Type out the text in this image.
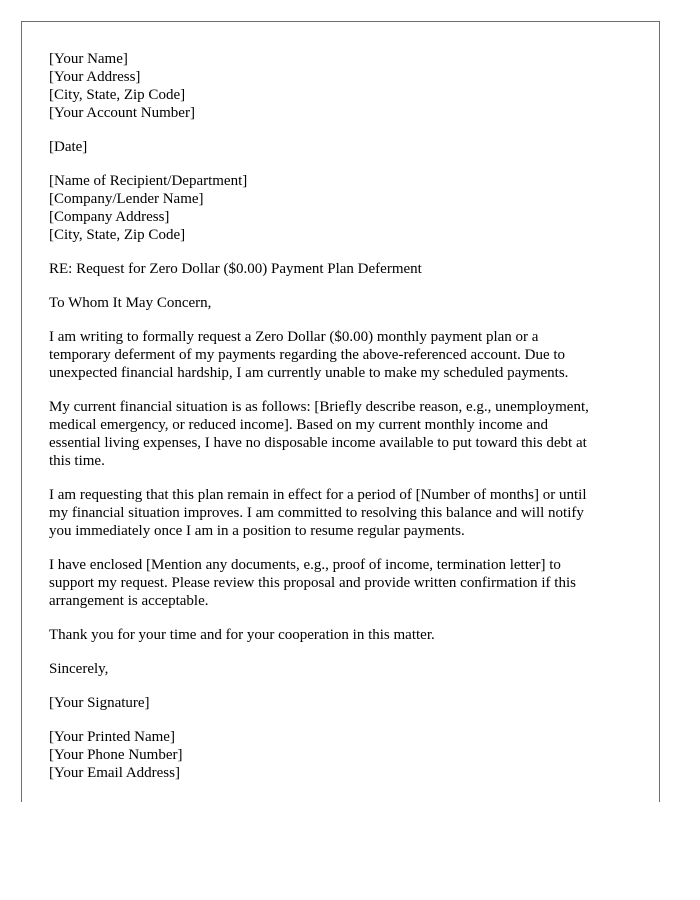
[Your Name]
[Your Address]
[City, State, Zip Code]
[Your Account Number]
[Date]
[Name of Recipient/Department]
[Company/Lender Name]
[Company Address]
[City, State, Zip Code]
RE: Request for Zero Dollar ($0.00) Payment Plan Deferment
To Whom It May Concern,

I am writing to formally request a Zero Dollar ($0.00) monthly payment plan or a
temporary deferment of my payments regarding the above-referenced account. Due to
unexpected financial hardship, I am currently unable to make my scheduled payments.

My current financial situation is as follows: [Briefly describe reason, e.g., unemployment,
medical emergency, or reduced income]. Based on my current monthly income and
essential living expenses, I have no disposable income available to put toward this debt at
this time.

I am requesting that this plan remain in effect for a period of [Number of months] or until
my financial situation improves. I am committed to resolving this balance and will notify
you immediately once I am in a position to resume regular payments.

I have enclosed [Mention any documents, e.g., proof of income, termination letter] to
support my request. Please review this proposal and provide written confirmation if this
arrangement is acceptable.

Thank you for your time and for your cooperation in this matter.

Sincerely,
[Your Signature]
[Your Printed Name]
[Your Phone Number]
[Your Email Address]
